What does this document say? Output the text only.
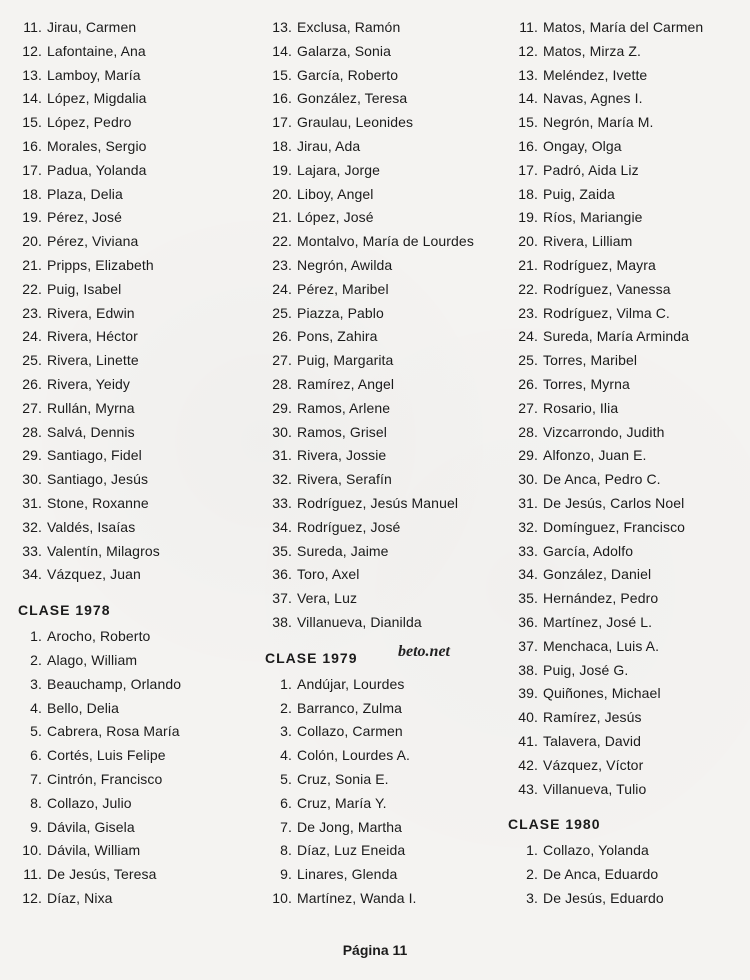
11. Jirau, Carmen
12. Lafontaine, Ana
13. Lamboy, María
14. López, Migdalia
15. López, Pedro
16. Morales, Sergio
17. Padua, Yolanda
18. Plaza, Delia
19. Pérez, José
20. Pérez, Viviana
21. Pripps, Elizabeth
22. Puig, Isabel
23. Rivera, Edwin
24. Rivera, Héctor
25. Rivera, Linette
26. Rivera, Yeidy
27. Rullán, Myrna
28. Salvá, Dennis
29. Santiago, Fidel
30. Santiago, Jesús
31. Stone, Roxanne
32. Valdés, Isaías
33. Valentín, Milagros
34. Vázquez, Juan
CLASE 1978
1. Arocho, Roberto
2. Alago, William
3. Beauchamp, Orlando
4. Bello, Delia
5. Cabrera, Rosa María
6. Cortés, Luis Felipe
7. Cintrón, Francisco
8. Collazo, Julio
9. Dávila, Gisela
10. Dávila, William
11. De Jesús, Teresa
12. Díaz, Nixa
13. Exclusa, Ramón
14. Galarza, Sonia
15. García, Roberto
16. González, Teresa
17. Graulau, Leonides
18. Jirau, Ada
19. Lajara, Jorge
20. Liboy, Angel
21. López, José
22. Montalvo, María de Lourdes
23. Negrón, Awilda
24. Pérez, Maribel
25. Piazza, Pablo
26. Pons, Zahira
27. Puig, Margarita
28. Ramírez, Angel
29. Ramos, Arlene
30. Ramos, Grisel
31. Rivera, Jossie
32. Rivera, Serafín
33. Rodríguez, Jesús Manuel
34. Rodríguez, José
35. Sureda, Jaime
36. Toro, Axel
37. Vera, Luz
38. Villanueva, Dianilda
CLASE 1979
1. Andújar, Lourdes
2. Barranco, Zulma
3. Collazo, Carmen
4. Colón, Lourdes A.
5. Cruz, Sonia E.
6. Cruz, María Y.
7. De Jong, Martha
8. Díaz, Luz Eneida
9. Linares, Glenda
10. Martínez, Wanda I.
11. Matos, María del Carmen
12. Matos, Mirza Z.
13. Meléndez, Ivette
14. Navas, Agnes I.
15. Negrón, María M.
16. Ongay, Olga
17. Padró, Aida Liz
18. Puig, Zaida
19. Ríos, Mariangie
20. Rivera, Lilliam
21. Rodríguez, Mayra
22. Rodríguez, Vanessa
23. Rodríguez, Vilma C.
24. Sureda, María Arminda
25. Torres, Maribel
26. Torres, Myrna
27. Rosario, Ilia
28. Vizcarrondo, Judith
29. Alfonzo, Juan E.
30. De Anca, Pedro C.
31. De Jesús, Carlos Noel
32. Domínguez, Francisco
33. García, Adolfo
34. González, Daniel
35. Hernández, Pedro
36. Martínez, José L.
37. Menchaca, Luis A.
38. Puig, José G.
39. Quiñones, Michael
40. Ramírez, Jesús
41. Talavera, David
42. Vázquez, Víctor
43. Villanueva, Tulio
CLASE 1980
1. Collazo, Yolanda
2. De Anca, Eduardo
3. De Jesús, Eduardo
beto.net
Página 11
